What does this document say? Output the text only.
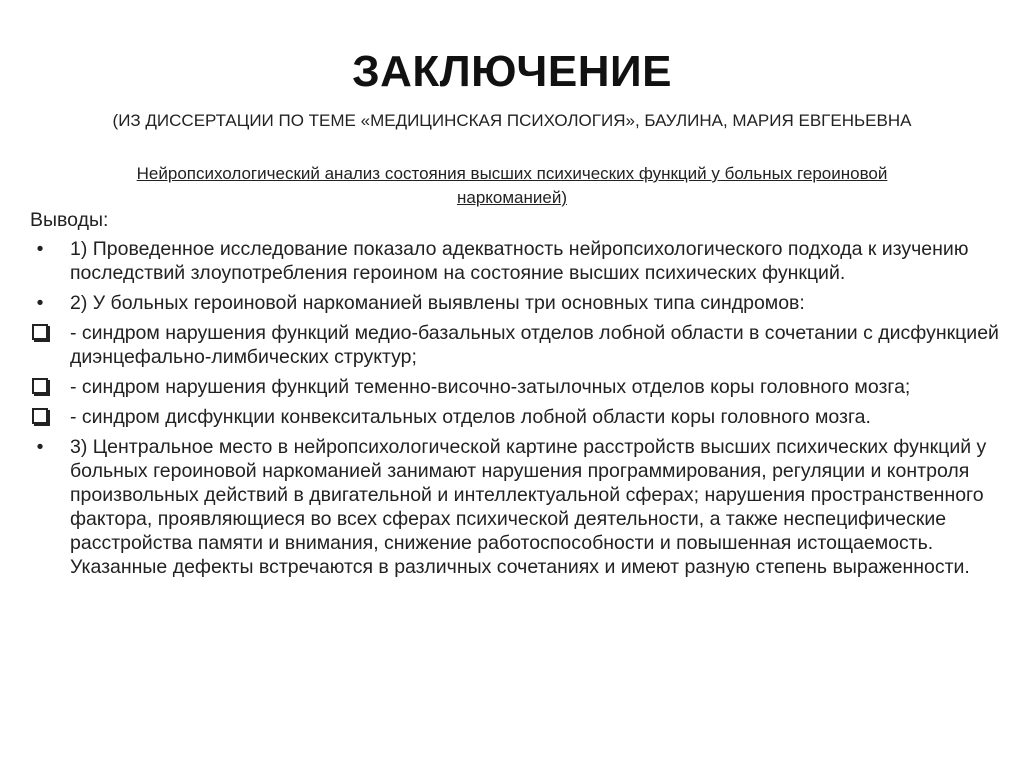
ЗАКЛЮЧЕНИЕ
(ИЗ ДИССЕРТАЦИИ ПО ТЕМЕ «МЕДИЦИНСКАЯ ПСИХОЛОГИЯ», БАУЛИНА, МАРИЯ ЕВГЕНЬЕВНА
Нейропсихологический анализ состояния высших психических функций у больных героиновой наркоманией)
Выводы:
•	1) Проведенное исследование показало адекватность нейропсихологического подхода к изучению последствий злоупотребления героином на состояние высших психических функций.
•	2) У больных героиновой наркоманией выявлены три основных типа синдромов:
- синдром нарушения функций медио-базальных отделов лобной области в сочетании с дисфункцией диэнцефально-лимбических структур;
- синдром нарушения функций теменно-височно-затылочных отделов коры головного мозга;
- синдром дисфункции конвекситальных отделов лобной области коры головного мозга.
•	3) Центральное место в нейропсихологической картине расстройств высших психических функций у больных героиновой наркоманией занимают нарушения программирования, регуляции и контроля произвольных действий в двигательной и интеллектуальной сферах; нарушения пространственного фактора, проявляющиеся во всех сферах психической деятельности, а также неспецифические расстройства памяти и внимания, снижение работоспособности и повышенная истощаемость. Указанные дефекты встречаются в различных сочетаниях и имеют разную степень выраженности.
